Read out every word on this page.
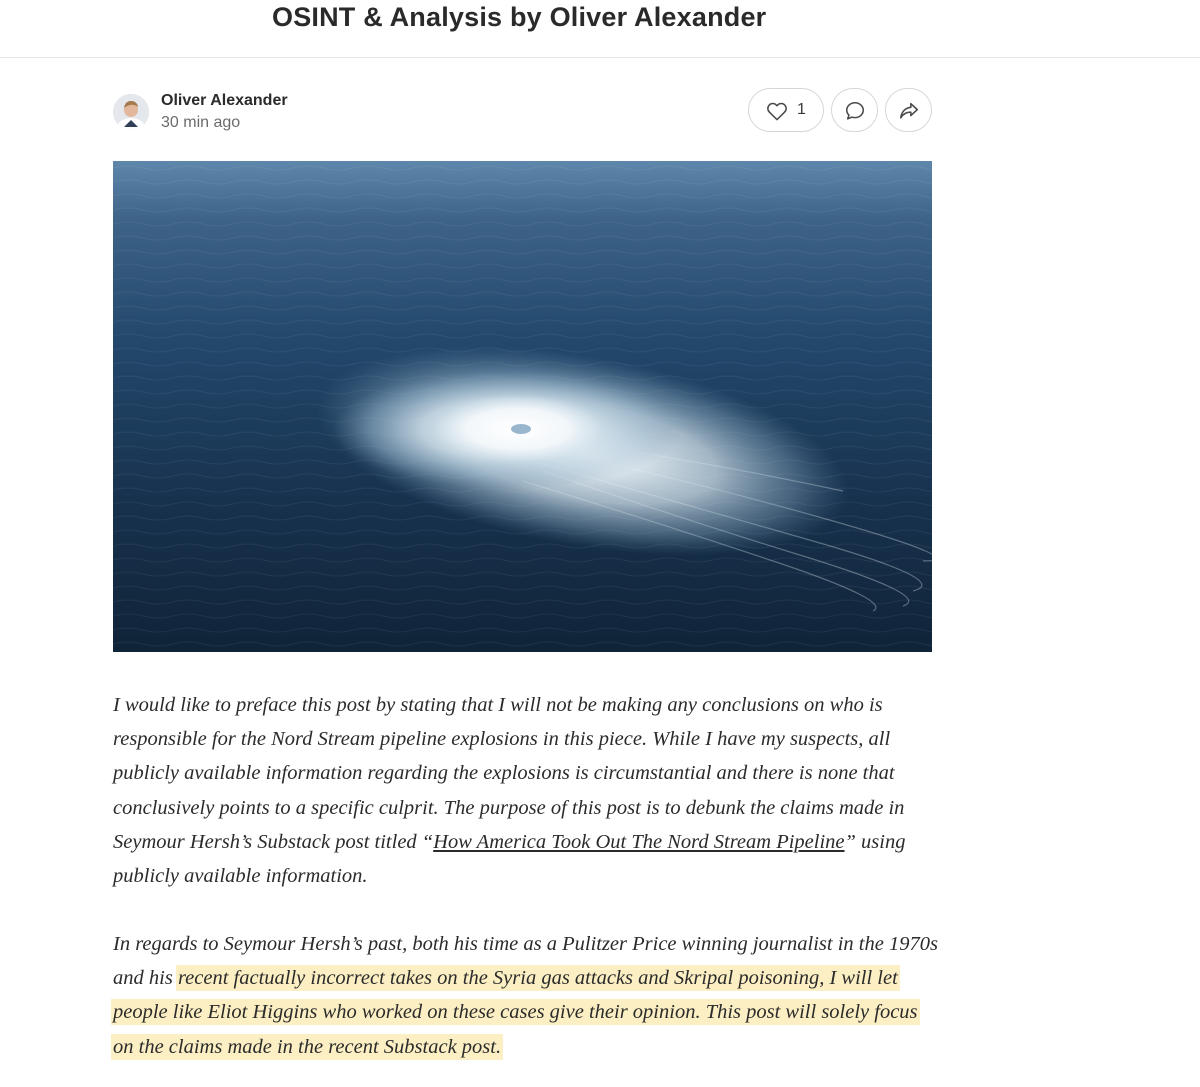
OSINT & Analysis by Oliver Alexander
Oliver Alexander
30 min ago
1

I would like to preface this post by stating that I will not be making any conclusions on who is responsible for the Nord Stream pipeline explosions in this piece. While I have my suspects, all publicly available information regarding the explosions is circumstantial and there is none that conclusively points to a specific culprit. The purpose of this post is to debunk the claims made in Seymour Hersh’s Substack post titled “How America Took Out The Nord Stream Pipeline” using publicly available information.

In regards to Seymour Hersh’s past, both his time as a Pulitzer Price winning journalist in the 1970s and his recent factually incorrect takes on the Syria gas attacks and Skripal poisoning, I will let people like Eliot Higgins who worked on these cases give their opinion. This post will solely focus on the claims made in the recent Substack post.
